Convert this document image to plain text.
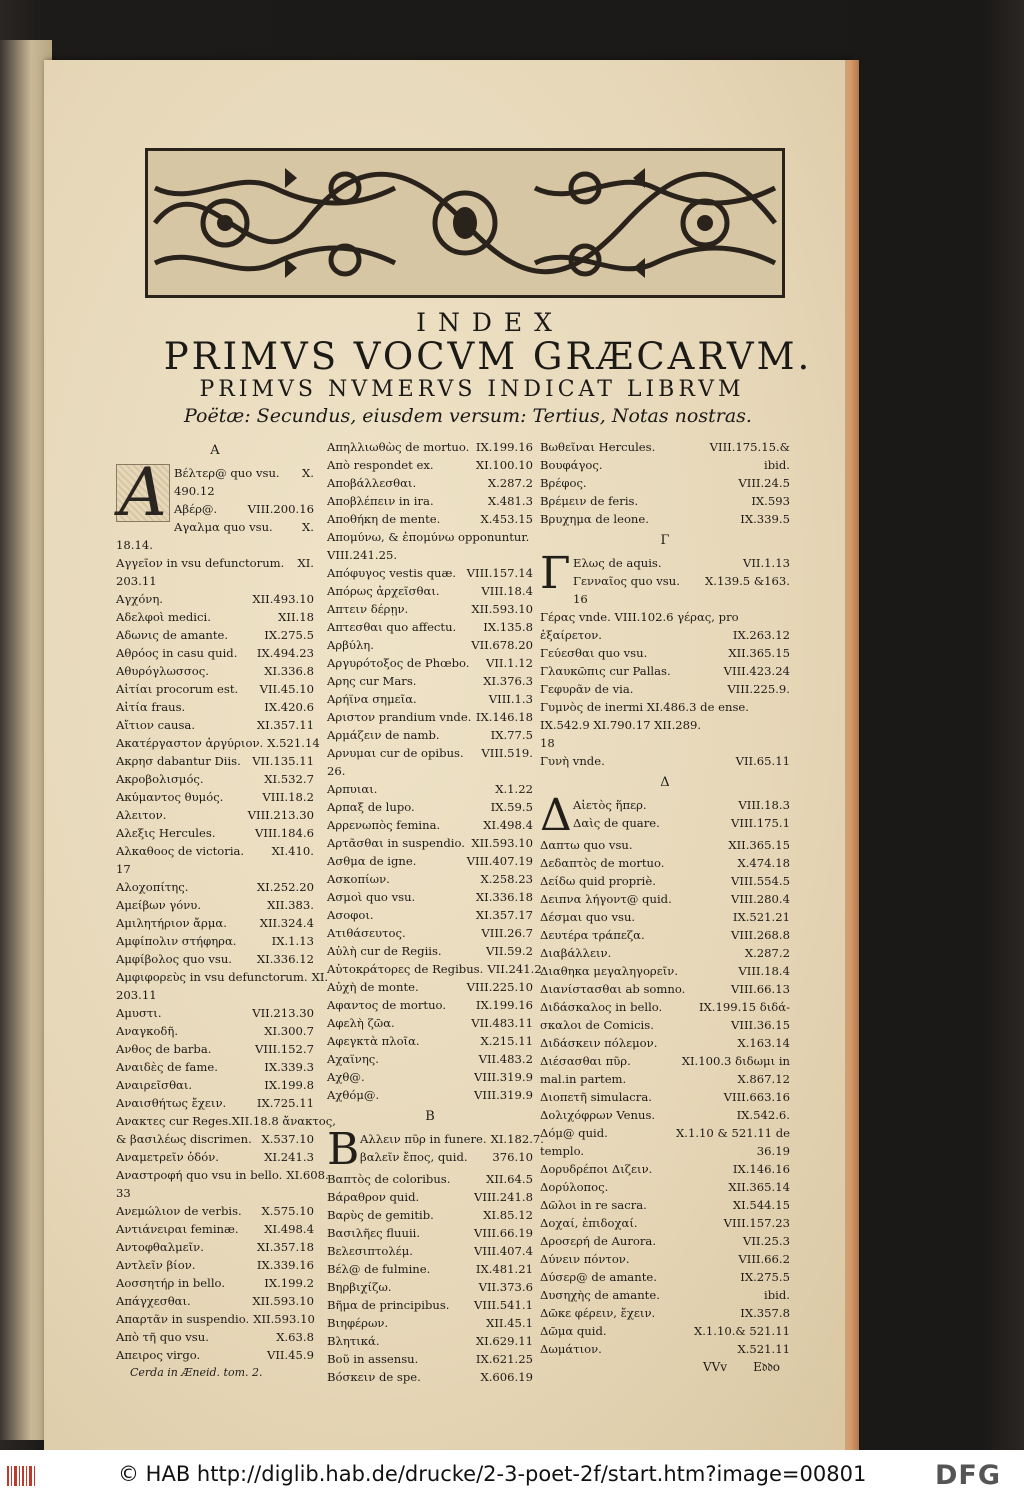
INDEX
PRIMVS VOCVM GRÆCARVM.
PRIMVS NVMERVS INDICAT LIBRVM
Poëtæ: Secundus, eiusdem versum: Tertius, Notas nostras.
A
A Βέλτερ@ quo vsu.	X.
490.12
Αβέρ@.	VIII.200.16
Αγαλμα quo vsu.	X.
18.14.
Αγγεῖον in vsu defunctorum.	XI.
203.11
Αγχόνη.	XII.493.10
Αδελφοὶ medici.	XII.18
Αδωνις de amante.	IX.275.5
Αθρόος in casu quid.	IX.494.23
Αθυρόγλωσσος.	XI.336.8
Αἰτίαι procorum est.	VII.45.10
Αἰτία fraus.	IX.420.6
Αἴτιον causa.	XI.357.11
Ακατέργαστον ἀργύριον. X.521.14
Ακρησ dabantur Diis. VII.135.11
Ακροβολισμός.	XI.532.7
Ακύμαντος θυμός.	VIII.18.2
Αλειτον.	VIII.213.30
Αλεξις Hercules.	VIII.184.6
Αλκαθοος de victoria.	XI.410.
17
Αλοχοπίτης.	XI.252.20
Αμείβων γόνυ.	XII.383.
Αμιλητήριον ἄρμα.	XII.324.4
Αμφίπολιν στήφηρα.	IX.1.13
Αμφίβολος quo vsu.	XI.336.12
Αμφιφορεὺς in vsu defunctorum. XI.
203.11
Αμυστι.	VII.213.30
Αναγκοδῆ.	XI.300.7
Ανθος de barba.	VIII.152.7
Αναιδὲς de fame.	IX.339.3
Αναιρεῖσθαι.	IX.199.8
Αναισθήτως ἔχειν.	IX.725.11
Ανακτες cur Reges.XII.18.8 ἄνακτος,
& βασιλέως discrimen. X.537.10
Αναμετρεῖν ὁδόν.	XI.241.3
Αναστροφή quo vsu in bello. XI.608.
33
Ανεμώλιον de verbis.	X.575.10
Αντιάνειραι feminæ.	XI.498.4
Αντοφθαλμεῖν.	XI.357.18
Αντλεῖν βίον.	IX.339.16
Αοσσητήρ in bello.	IX.199.2
Απάγχεσθαι.	XII.593.10
Απαρτᾶν in suspendio. XII.593.10
Απὸ τῆ quo vsu.	X.63.8
Απειρος virgo.	VII.45.9
Cerda in Æneid. tom. 2.
Απηλλιωθὼς de mortuo. IX.199.16
Απὸ respondet ex.	XI.100.10
Αποβάλλεσθαι.	X.287.2
Αποβλέπειν in ira.	X.481.3
Αποθήκη de mente.	X.453.15
Απομύνω, & ἐπομύνω opponuntur.
VIII.241.25.
Απόφυγος vestis quæ. VIII.157.14
Απόρως ἀρχεῖσθαι.	VIII.18.4
Απτειν δέρῃν.	XII.593.10
Απτεσθαι quo affectu.	IX.135.8
Αρβύλη.	VII.678.20
Αργυρότοξος de Phœbo.	VII.1.12
Αρης cur Mars.	XI.376.3
Αρήϊνα σημεῖα.	VIII.1.3
Αριστον prandium vnde. IX.146.18
Αρμάζειν de namb.	IX.77.5
Αρνυμαι cur de opibus.	VIII.519.
26.
Αρπυιαι.	X.1.22
Αρπαξ de lupo.	IX.59.5
Αρρενωπὸς femina.	XI.498.4
Αρτᾶσθαι in suspendio. XII.593.10
Ασθμα de igne.	VIII.407.19
Ασκοπίων.	X.258.23
Ασμοὶ quo vsu.	XI.336.18
Ασοφοι.	XI.357.17
Ατιθάσευτος.	VIII.26.7
Αὐλὴ cur de Regiis.	VII.59.2
Αὐτοκράτορες de Regibus. VII.241.2
Αὐχὴ de monte.	VIII.225.10
Αφαντος de mortuo.	IX.199.16
Αφελὴ ζῶα.	VII.483.11
Αφεγκτὰ πλοῖα.	X.215.11
Αχαϊνης.	VII.483.2
Αχθ@.	VIII.319.9
Αχθόμ@.	VIII.319.9
B
B Αλλειν πῦρ in funere. XI.182.7.
βαλεῖν ἔπος, quid.	376.10
Βαπτὸς de coloribus.	XII.64.5
Βάραθρον quid.	VIII.241.8
Βαρὺς de gemitib.	XI.85.12
Βασιλῆες fluuii.	VIII.66.19
Βελεσιπτολέμ.	VIII.407.4
Βέλ@ de fulmine.	IX.481.21
Βηρβιχίζω.	VII.373.6
Βῆμα de principibus.	VIII.541.1
Βιηφέρων.	XII.45.1
Βλητικά.	XI.629.11
Βοῦ in assensu.	IX.621.25
Βόσκειν de spe.	X.606.19
Βωθεῖναι Hercules.	VIII.175.15.&
Βουφάγος.	ibid.
Βρέφος.	VIII.24.5
Βρέμειν de feris.	IX.593
Βρυχημα de leone.	IX.339.5
Γ
Γ Ελως de aquis.	VII.1.13
Γενναῖος quo vsu.	X.139.5 &163.
16
Γέρας vnde. VIII.102.6 γέρας, pro
ἐξαίρετον.	IX.263.12
Γεύεσθαι quo vsu.	XII.365.15
Γλαυκῶπις cur Pallas.	VIII.423.24
Γεφυρᾶν de via.	VIII.225.9.
Γυμνὸς de inermi XI.486.3 de ense.
IX.542.9 XI.790.17 XII.289.
18
Γυνὴ vnde.	VII.65.11
Δ
Δ Αἰετὸς ἥπερ.	VIII.18.3
Δαὶς de quare.	VIII.175.1
Δαπτω quo vsu.	XII.365.15
Δεδαπτὸς de mortuo.	X.474.18
Δείδω quid propriè.	VIII.554.5
Δειπνα λήγοντ@ quid.	VIII.280.4
Δέσμαι quo vsu.	IX.521.21
Δευτέρα τράπεζα.	VIII.268.8
Διαβάλλειν.	X.287.2
Διαθηκα μεγαληγορεῖν.	VIII.18.4
Διανίστασθαι ab somno.	VIII.66.13
Διδάσκαλος in bello.	IX.199.15 διδά-
σκαλοι de Comicis.	VIII.36.15
Διδάσκειν πόλεμον.	X.163.14
Διέσασθαι πῦρ.	XI.100.3 διδωμι in
mal.in partem.	X.867.12
Διοπετῆ simulacra.	VIII.663.16
Δολιχόφρων Venus.	IX.542.6.
Δόμ@ quid.	X.1.10 & 521.11 de
templo.	36.19
Δορυδρέποι Διζειν.	IX.146.16
Δορύλοπος.	XII.365.14
Δῶλοι in re sacra.	XI.544.15
Δοχαί, ἐπιδοχαί.	VIII.157.23
Δροσερή de Aurora.	VII.25.3
Δύνειν πόντον.	VIII.66.2
Δύσερ@ de amante.	IX.275.5
Δυσηχὴς de amante.	ibid.
Δῶκε φέρειν, ἔχειν.	IX.357.8
Δῶμα quid.	X.1.10.& 521.11
Δωμάτιον.	X.521.11
VVv Ε𝔡𝔡ο
© HAB http://diglib.hab.de/drucke/2-3-poet-2f/start.htm?image=00801	DFG
